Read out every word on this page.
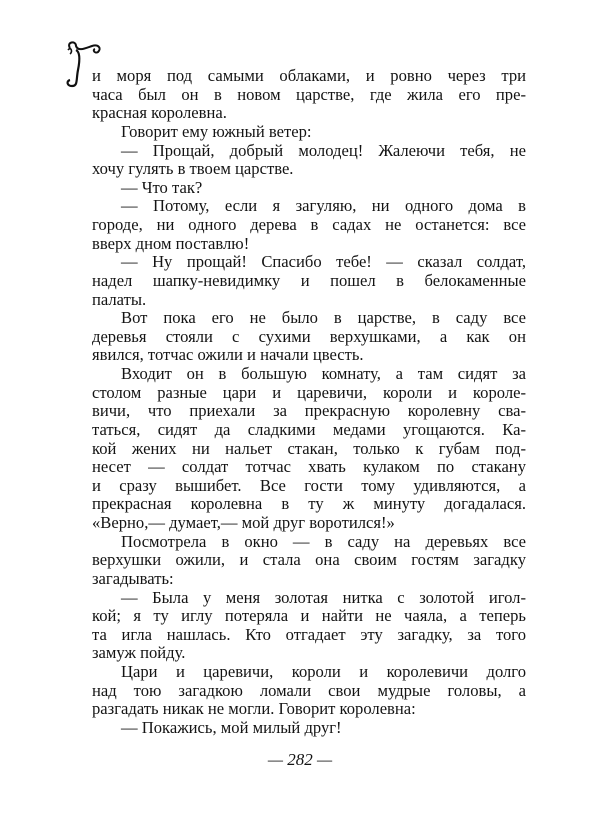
и моря под самыми облаками, и ровно через три
часа был он в новом царстве, где жила его пре-
красная королевна.
Говорит ему южный ветер:
— Прощай, добрый молодец! Жалеючи тебя, не
хочу гулять в твоем царстве.
— Что так?
— Потому, если я загуляю, ни одного дома в
городе, ни одного дерева в садах не останется: все
вверх дном поставлю!
— Ну прощай! Спасибо тебе! — сказал солдат,
надел шапку-невидимку и пошел в белокаменные
палаты.
Вот пока его не было в царстве, в саду все
деревья стояли с сухими верхушками, а как он
явился, тотчас ожили и начали цвесть.
Входит он в большую комнату, а там сидят за
столом разные цари и царевичи, короли и короле-
вичи, что приехали за прекрасную королевну сва-
таться, сидят да сладкими медами угощаются. Ка-
кой жених ни нальет стакан, только к губам под-
несет — солдат тотчас хвать кулаком по стакану
и сразу вышибет. Все гости тому удивляются, а
прекрасная королевна в ту ж минуту догадалася.
«Верно,— думает,— мой друг воротился!»
Посмотрела в окно — в саду на деревьях все
верхушки ожили, и стала она своим гостям загадку
загадывать:
— Была у меня золотая нитка с золотой игол-
кой; я ту иглу потеряла и найти не чаяла, а теперь
та игла нашлась. Кто отгадает эту загадку, за того
замуж пойду.
Цари и царевичи, короли и королевичи долго
над тою загадкою ломали свои мудрые головы, а
разгадать никак не могли. Говорит королевна:
— Покажись, мой милый друг!
— 282 —
